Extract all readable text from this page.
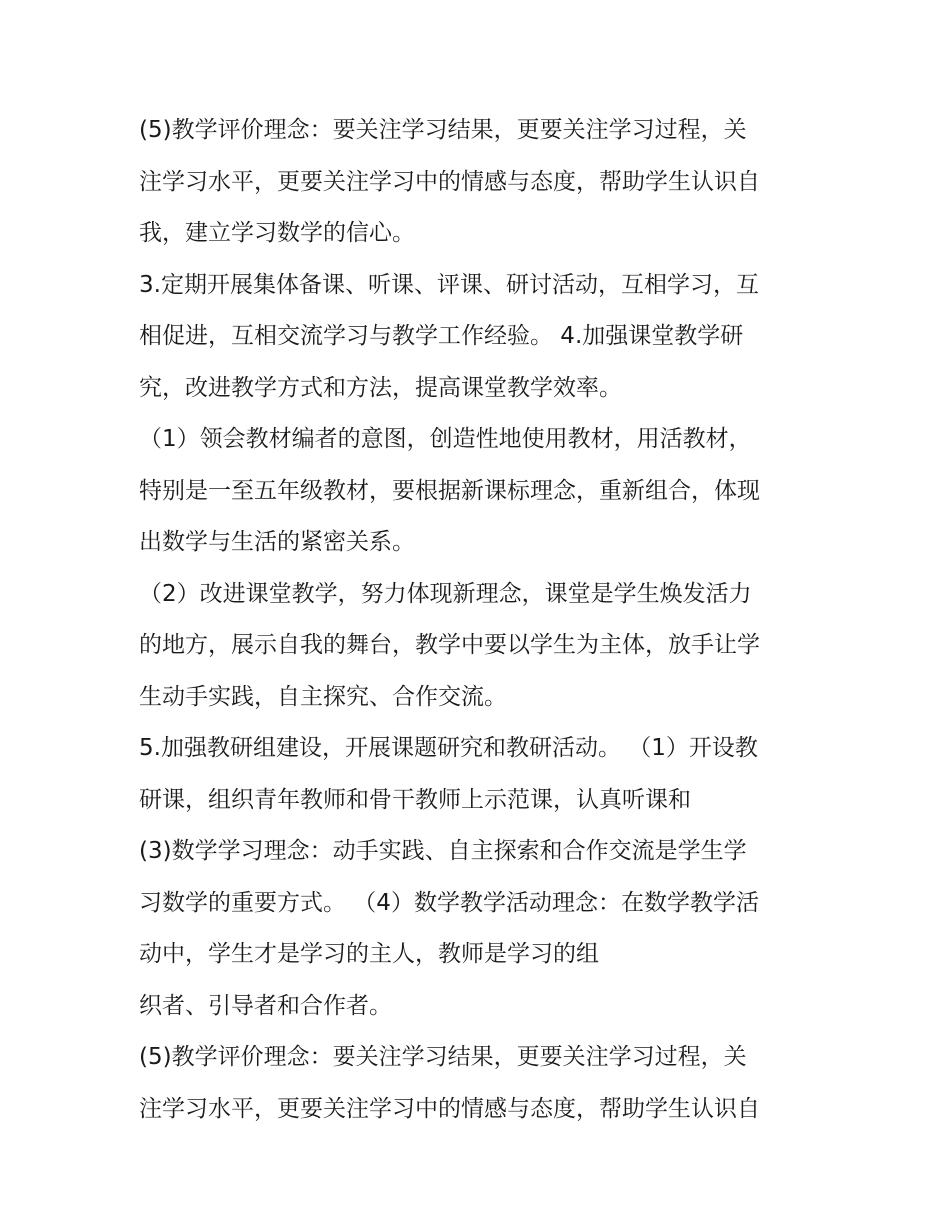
(5)教学评价理念：要关注学习结果，更要关注学习过程，关
注学习水平，更要关注学习中的情感与态度，帮助学生认识自
我，建立学习数学的信心。
3.定期开展集体备课、听课、评课、研讨活动，互相学习，互
相促进，互相交流学习与教学工作经验。 4.加强课堂教学研
究，改进教学方式和方法，提高课堂教学效率。
（1）领会教材编者的意图，创造性地使用教材，用活教材，
特别是一至五年级教材，要根据新课标理念，重新组合，体现
出数学与生活的紧密关系。
（2）改进课堂教学，努力体现新理念，课堂是学生焕发活力
的地方，展示自我的舞台，教学中要以学生为主体，放手让学
生动手实践，自主探究、合作交流。
5.加强教研组建设，开展课题研究和教研活动。 （1）开设教
研课，组织青年教师和骨干教师上示范课，认真听课和
(3)数学学习理念：动手实践、自主探索和合作交流是学生学
习数学的重要方式。 （4）数学教学活动理念：在数学教学活
动中，学生才是学习的主人，教师是学习的组
织者、引导者和合作者。
(5)教学评价理念：要关注学习结果，更要关注学习过程，关
注学习水平，更要关注学习中的情感与态度，帮助学生认识自
